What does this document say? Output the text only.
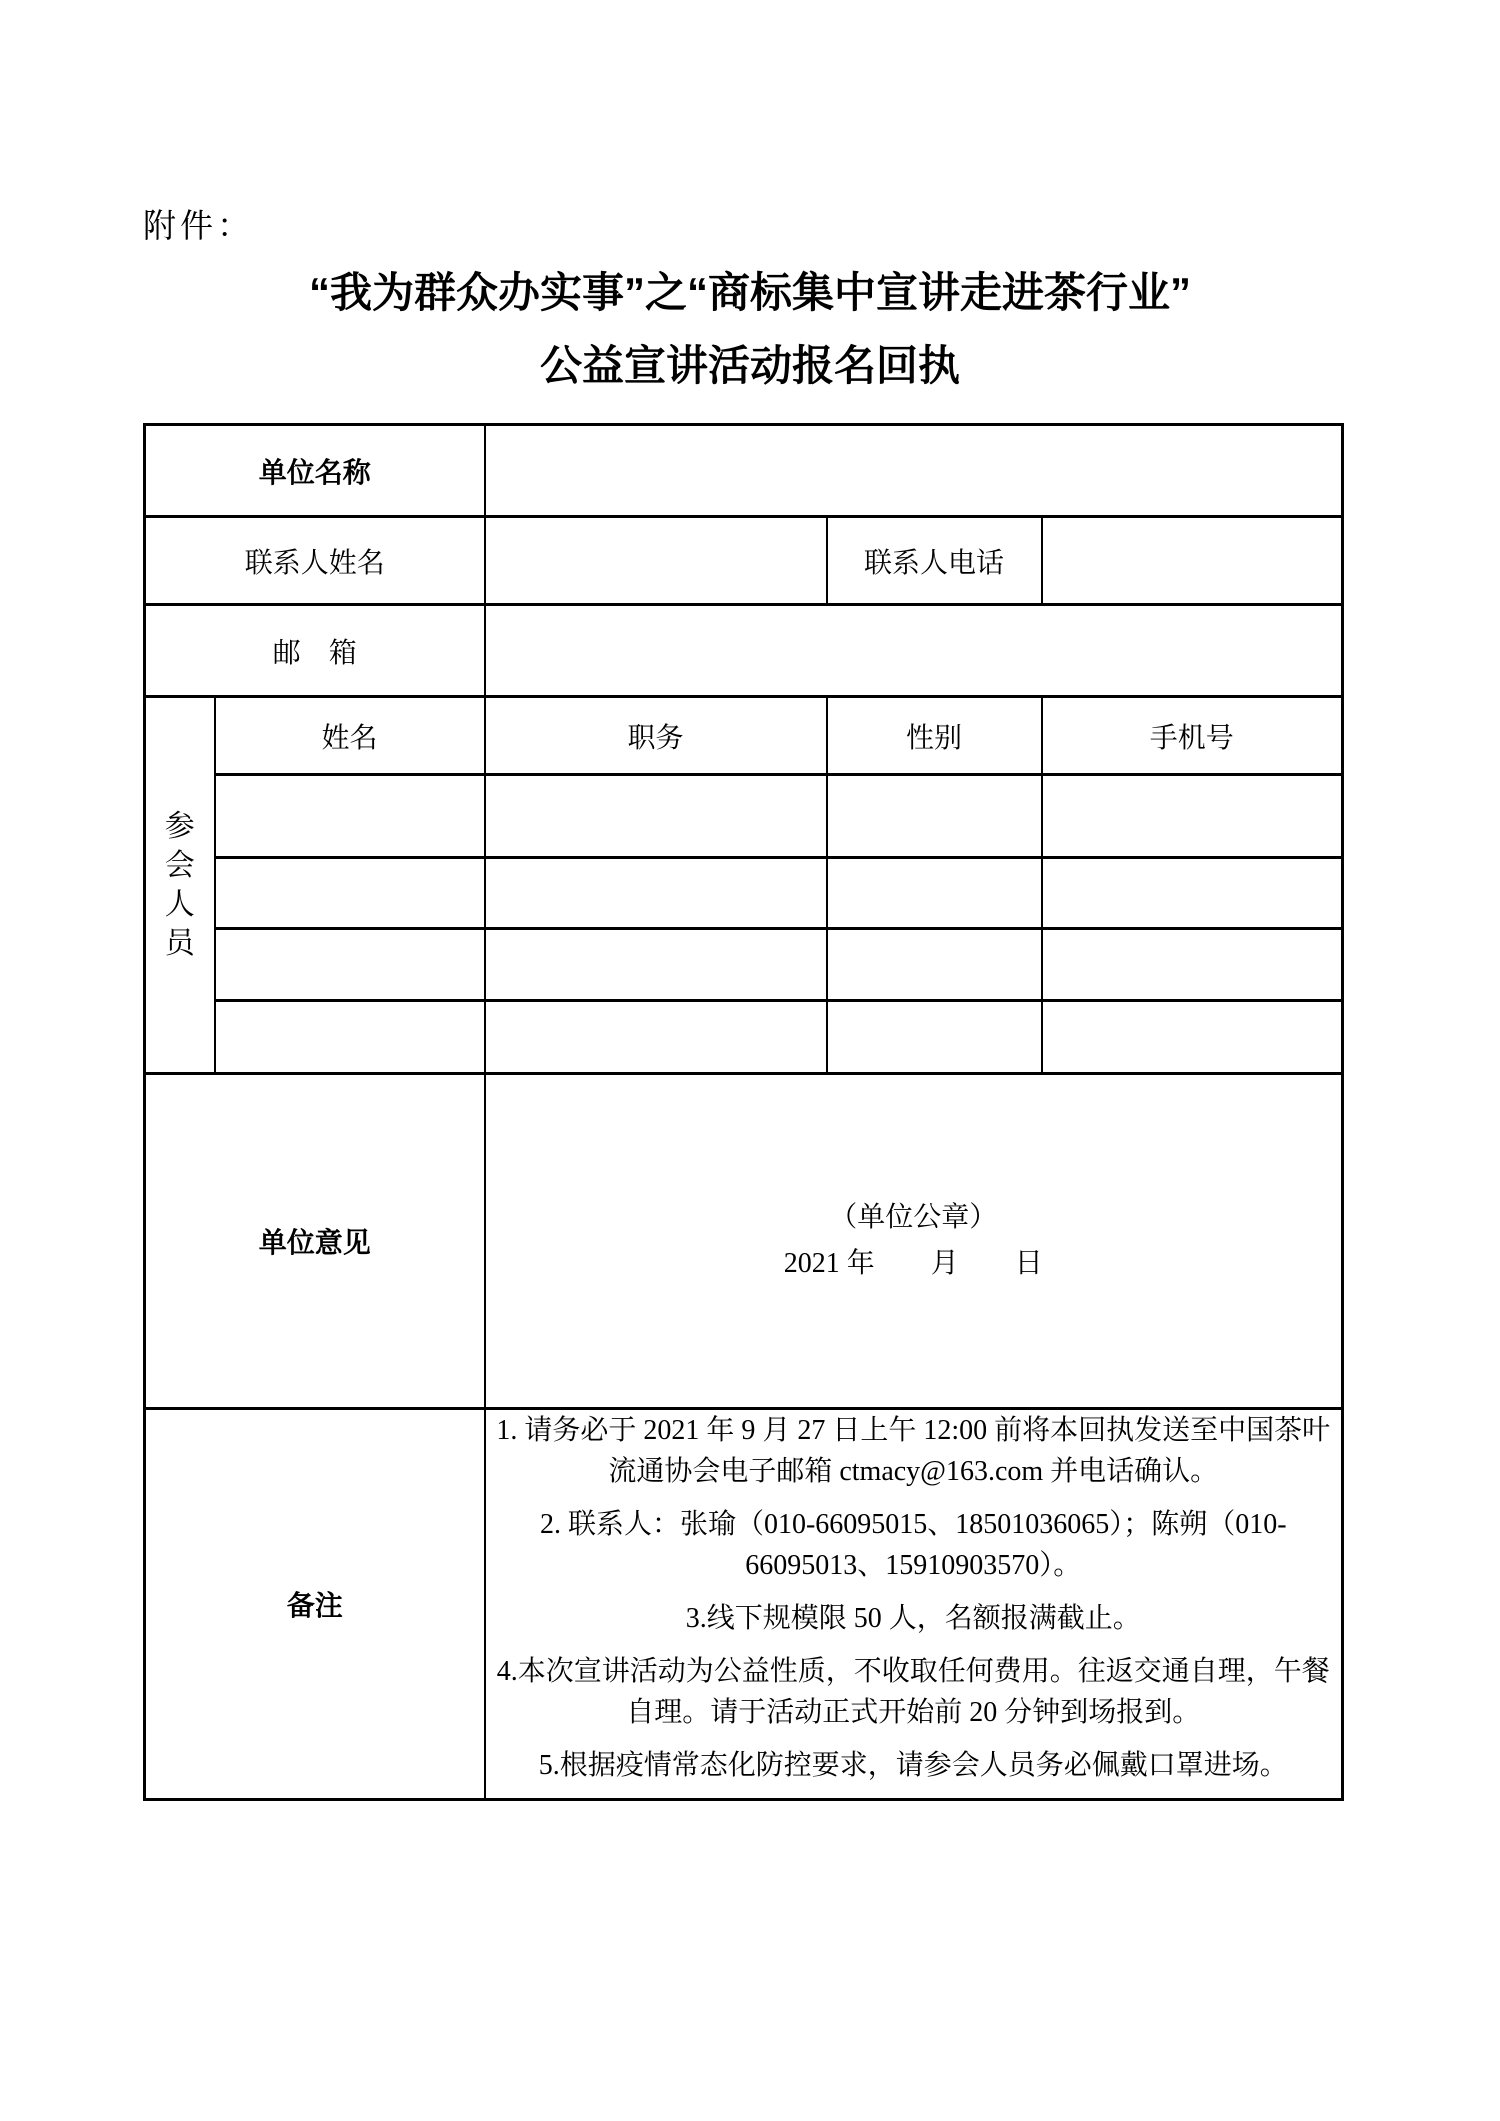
附件：
“我为群众办实事”之“商标集中宣讲走进茶行业”
公益宣讲活动报名回执
单位名称				
联系人姓名			联系人电话	
邮　箱				
参会人员	姓名	职务	性别	手机号

单位意见		（单位公章）
2021 年　　月　　日		

备注		1. 请务必于 2021 年 9 月 27 日上午 12:00 前将本回执发送至中国茶叶流通协会电子邮箱 ctmacy@163.com 并电话确认。

2. 联系人：张瑜（010-66095015、18501036065）；陈朔（010-66095013、15910903570）。

3.线下规模限 50 人，名额报满截止。

4.本次宣讲活动为公益性质，不收取任何费用。往返交通自理，午餐自理。请于活动正式开始前 20 分钟到场报到。

5.根据疫情常态化防控要求，请参会人员务必佩戴口罩进场。		
